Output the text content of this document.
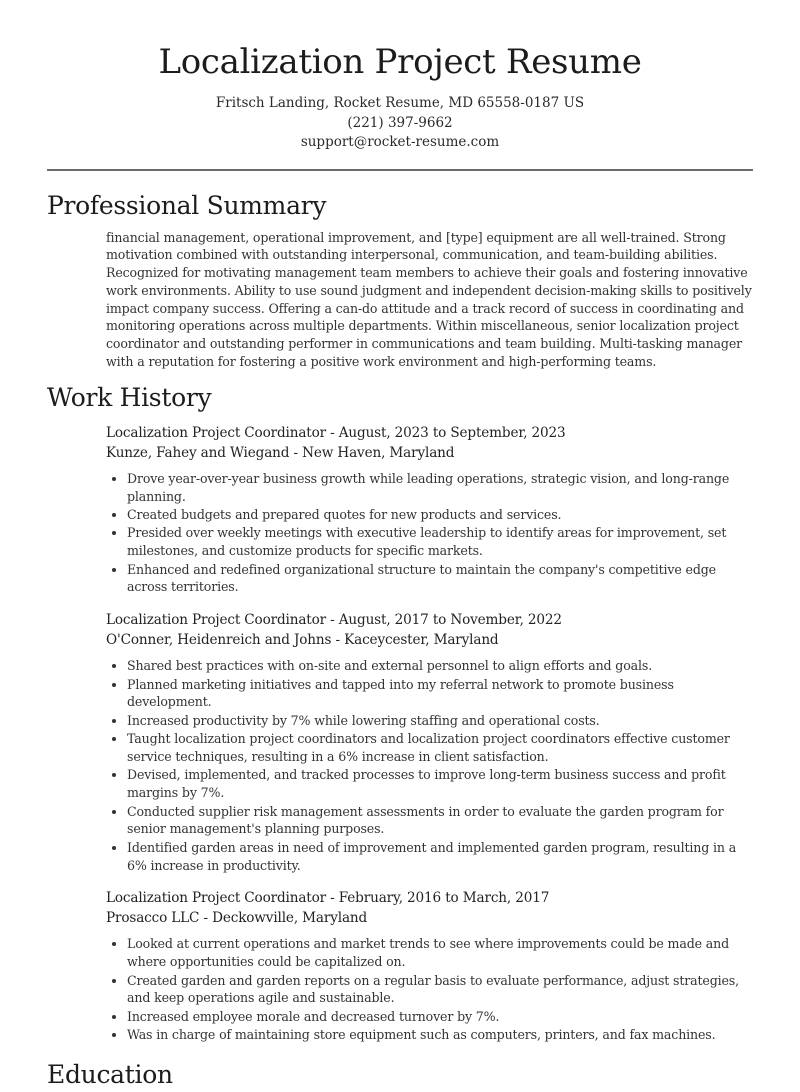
Localization Project Resume
Fritsch Landing, Rocket Resume, MD 65558-0187 US
(221) 397-9662
support@rocket-resume.com
Professional Summary

financial management, operational improvement, and [type] equipment are all well-trained. Strong motivation combined with outstanding interpersonal, communication, and team-building abilities. Recognized for motivating management team members to achieve their goals and fostering innovative work environments. Ability to use sound judgment and independent decision-making skills to positively impact company success. Offering a can-do attitude and a track record of success in coordinating and monitoring operations across multiple departments. Within miscellaneous, senior localization project coordinator and outstanding performer in communications and team building. Multi-tasking manager with a reputation for fostering a positive work environment and high-performing teams.

Work History
Localization Project Coordinator - August, 2023 to September, 2023
Kunze, Fahey and Wiegand - New Haven, Maryland
• Drove year-over-year business growth while leading operations, strategic vision, and long-range planning.
• Created budgets and prepared quotes for new products and services.
• Presided over weekly meetings with executive leadership to identify areas for improvement, set milestones, and customize products for specific markets.
• Enhanced and redefined organizational structure to maintain the company's competitive edge across territories.
Localization Project Coordinator - August, 2017 to November, 2022
O'Conner, Heidenreich and Johns - Kaceycester, Maryland
• Shared best practices with on-site and external personnel to align efforts and goals.
• Planned marketing initiatives and tapped into my referral network to promote business development.
• Increased productivity by 7% while lowering staffing and operational costs.
• Taught localization project coordinators and localization project coordinators effective customer service techniques, resulting in a 6% increase in client satisfaction.
• Devised, implemented, and tracked processes to improve long-term business success and profit margins by 7%.
• Conducted supplier risk management assessments in order to evaluate the garden program for senior management's planning purposes.
• Identified garden areas in need of improvement and implemented garden program, resulting in a 6% increase in productivity.
Localization Project Coordinator - February, 2016 to March, 2017
Prosacco LLC - Deckowville, Maryland
• Looked at current operations and market trends to see where improvements could be made and where opportunities could be capitalized on.
• Created garden and garden reports on a regular basis to evaluate performance, adjust strategies, and keep operations agile and sustainable.
• Increased employee morale and decreased turnover by 7%.
• Was in charge of maintaining store equipment such as computers, printers, and fax machines.
Education
